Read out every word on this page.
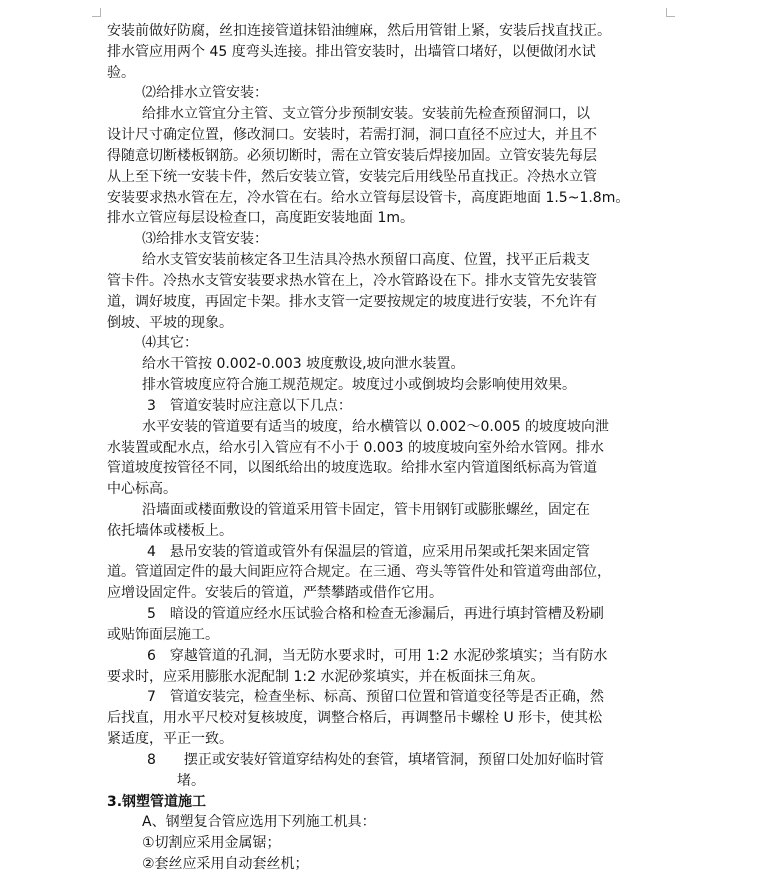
安装前做好防腐，丝扣连接管道抹铅油缠麻，然后用管钳上紧，安装后找直找正。
排水管应用两个 45 度弯头连接。排出管安装时，出墙管口堵好，以便做闭水试
验。
⑵给排水立管安装：
给排水立管宜分主管、支立管分步预制安装。安装前先检查预留洞口，以
设计尺寸确定位置，修改洞口。安装时，若需打洞，洞口直径不应过大，并且不
得随意切断楼板钢筋。必须切断时，需在立管安装后焊接加固。立管安装先每层
从上至下统一安装卡件，然后安装立管，安装完后用线坠吊直找正。冷热水立管
安装要求热水管在左，冷水管在右。给水立管每层设管卡，高度距地面 1.5~1.8m。
排水立管应每层设检查口，高度距安装地面 1m。
⑶给排水支管安装：
给水支管安装前核定各卫生洁具冷热水预留口高度、位置，找平正后栽支
管卡件。冷热水支管安装要求热水管在上，冷水管路设在下。排水支管先安装管
道，调好坡度，再固定卡架。排水支管一定要按规定的坡度进行安装，不允许有
倒坡、平坡的现象。
⑷其它：
给水干管按 0.002-0.003 坡度敷设,坡向泄水装置。
排水管坡度应符合施工规范规定。坡度过小或倒坡均会影响使用效果。
3　管道安装时应注意以下几点：
水平安装的管道要有适当的坡度，给水横管以 0.002～0.005 的坡度坡向泄
水装置或配水点，给水引入管应有不小于 0.003 的坡度坡向室外给水管网。排水
管道坡度按管径不同，以图纸给出的坡度选取。给排水室内管道图纸标高为管道
中心标高。
沿墙面或楼面敷设的管道采用管卡固定，管卡用钢钉或膨胀螺丝，固定在
依托墙体或楼板上。
4　悬吊安装的管道或管外有保温层的管道，应采用吊架或托架来固定管
道。管道固定件的最大间距应符合规定。在三通、弯头等管件处和管道弯曲部位，
应增设固定件。安装后的管道，严禁攀踏或借作它用。
5　暗设的管道应经水压试验合格和检查无渗漏后，再进行填封管槽及粉刷
或贴饰面层施工。
6　穿越管道的孔洞，当无防水要求时，可用 1:2 水泥砂浆填实；当有防水
要求时，应采用膨胀水泥配制 1:2 水泥砂浆填实，并在板面抹三角灰。
7　管道安装完，检查坐标、标高、预留口位置和管道变径等是否正确，然
后找直，用水平尺校对复核坡度，调整合格后，再调整吊卡螺栓 U 形卡，使其松
紧适度，平正一致。
8　　摆正或安装好管道穿结构处的套管，填堵管洞，预留口处加好临时管
堵。
3.钢塑管道施工
A、钢塑复合管应选用下列施工机具：
①切割应采用金属锯；
②套丝应采用自动套丝机；
